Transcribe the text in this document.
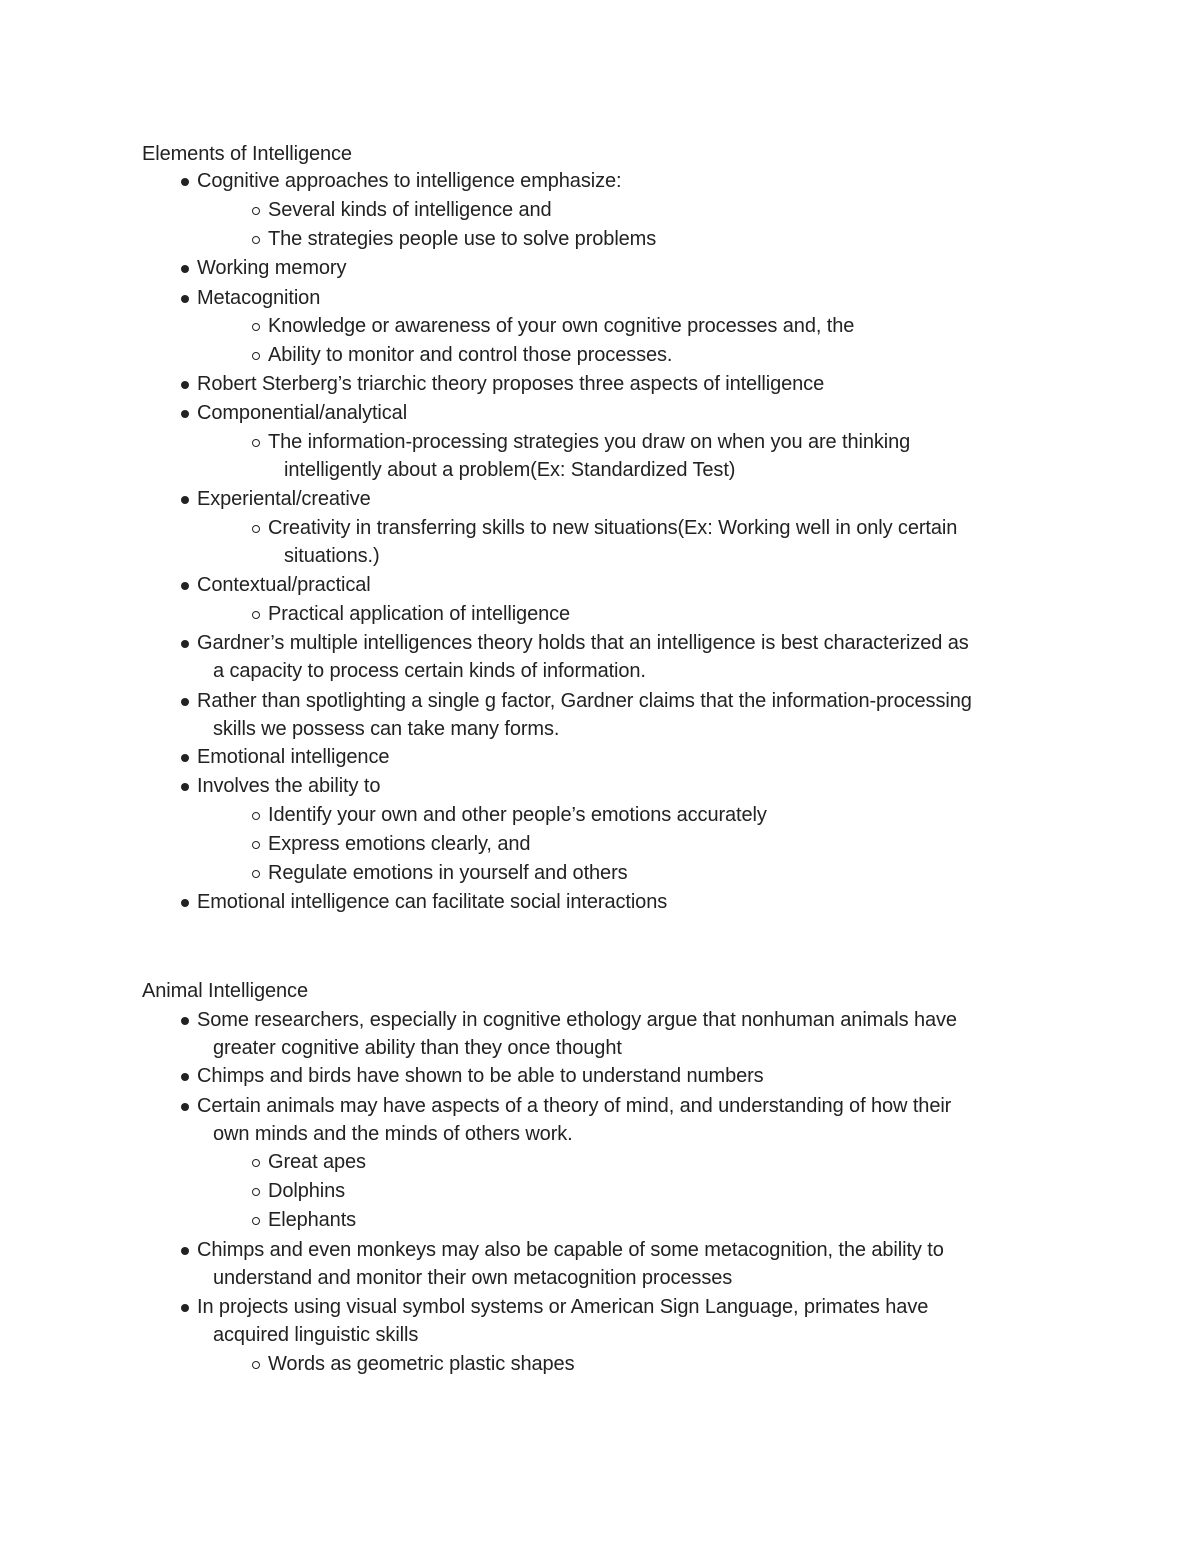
Elements of Intelligence

Cognitive approaches to intelligence emphasize:

Several kinds of intelligence and

The strategies people use to solve problems

Working memory

Metacognition

Knowledge or awareness of your own cognitive processes and, the

Ability to monitor and control those processes.

Robert Sterberg’s triarchic theory proposes three aspects of intelligence

Componential/analytical

The information-processing strategies you draw on when you are thinking
intelligently about a problem(Ex: Standardized Test)

Experiental/creative

Creativity in transferring skills to new situations(Ex: Working well in only certain
situations.)

Contextual/practical

Practical application of intelligence

Gardner’s multiple intelligences theory holds that an intelligence is best characterized as
a capacity to process certain kinds of information.

Rather than spotlighting a single g factor, Gardner claims that the information-processing
skills we possess can take many forms.

Emotional intelligence

Involves the ability to

Identify your own and other people’s emotions accurately

Express emotions clearly, and

Regulate emotions in yourself and others

Emotional intelligence can facilitate social interactions

Animal Intelligence

Some researchers, especially in cognitive ethology argue that nonhuman animals have
greater cognitive ability than they once thought

Chimps and birds have shown to be able to understand numbers

Certain animals may have aspects of a theory of mind, and understanding of how their
own minds and the minds of others work.

Great apes

Dolphins

Elephants

Chimps and even monkeys may also be capable of some metacognition, the ability to
understand and monitor their own metacognition processes

In projects using visual symbol systems or American Sign Language, primates have
acquired linguistic skills

Words as geometric plastic shapes
